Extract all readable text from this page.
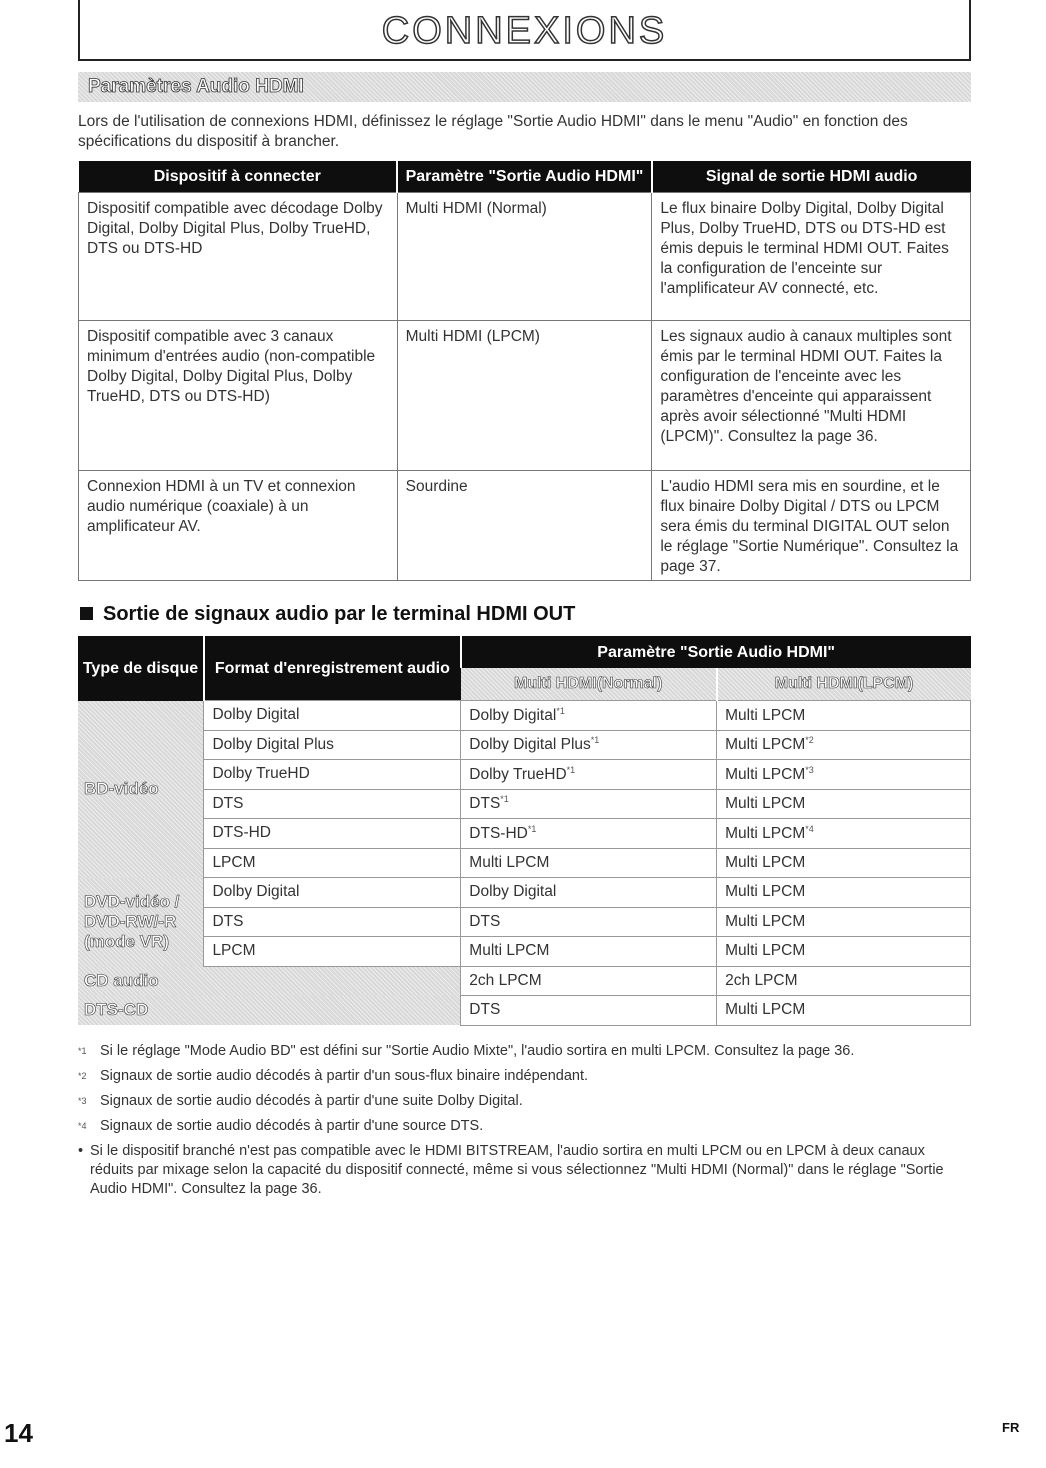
CONNEXIONS
Paramètres Audio HDMI
Lors de l'utilisation de connexions HDMI, définissez le réglage "Sortie Audio HDMI" dans le menu "Audio" en fonction des spécifications du dispositif à brancher.
Dispositif à connecter	Paramètre "Sortie Audio HDMI"	Signal de sortie HDMI audio
Dispositif compatible avec décodage Dolby Digital, Dolby Digital Plus, Dolby TrueHD, DTS ou DTS-HD	Multi HDMI (Normal)	Le flux binaire Dolby Digital, Dolby Digital Plus, Dolby TrueHD, DTS ou DTS-HD est émis depuis le terminal HDMI OUT. Faites la configuration de l'enceinte sur l'amplificateur AV connecté, etc.
Dispositif compatible avec 3 canaux minimum d'entrées audio (non-compatible Dolby Digital, Dolby Digital Plus, Dolby TrueHD, DTS ou DTS-HD)	Multi HDMI (LPCM)	Les signaux audio à canaux multiples sont émis par le terminal HDMI OUT. Faites la configuration de l'enceinte avec les paramètres d'enceinte qui apparaissent après avoir sélectionné "Multi HDMI (LPCM)". Consultez la page 36.
Connexion HDMI à un TV et connexion audio numérique (coaxiale) à un amplificateur AV.	Sourdine	L'audio HDMI sera mis en sourdine, et le flux binaire Dolby Digital / DTS ou LPCM sera émis du terminal DIGITAL OUT selon le réglage "Sortie Numérique". Consultez la page 37.
Sortie de signaux audio par le terminal HDMI OUT
Type de disque	Format d'enregistrement audio	Paramètre "Sortie Audio HDMI"	
		Multi HDMI(Normal)	Multi HDMI(LPCM)
BD-vidéo	Dolby Digital	Dolby Digital$^{*1}$	Multi LPCM
	Dolby Digital Plus	Dolby Digital Plus$^{*1}$	Multi LPCM$^{*2}$
	Dolby TrueHD	Dolby TrueHD$^{*1}$	Multi LPCM$^{*3}$
	DTS	DTS$^{*1}$	Multi LPCM
	DTS-HD	DTS-HD$^{*1}$	Multi LPCM$^{*4}$
	LPCM	Multi LPCM	Multi LPCM
DVD-vidéo / DVD-RW/-R (mode VR)	Dolby Digital	Dolby Digital	Multi LPCM
	DTS	DTS	Multi LPCM
	LPCM	Multi LPCM	Multi LPCM
CD audio		2ch LPCM	2ch LPCM
DTS-CD		DTS	Multi LPCM
*1 Si le réglage "Mode Audio BD" est défini sur "Sortie Audio Mixte", l'audio sortira en multi LPCM. Consultez la page 36.
*2 Signaux de sortie audio décodés à partir d'un sous-flux binaire indépendant.
*3 Signaux de sortie audio décodés à partir d'une suite Dolby Digital.
*4 Signaux de sortie audio décodés à partir d'une source DTS.
• Si le dispositif branché n'est pas compatible avec le HDMI BITSTREAM, l'audio sortira en multi LPCM ou en LPCM à deux canaux réduits par mixage selon la capacité du dispositif connecté, même si vous sélectionnez "Multi HDMI (Normal)" dans le réglage "Sortie Audio HDMI". Consultez la page 36.
14	FR
